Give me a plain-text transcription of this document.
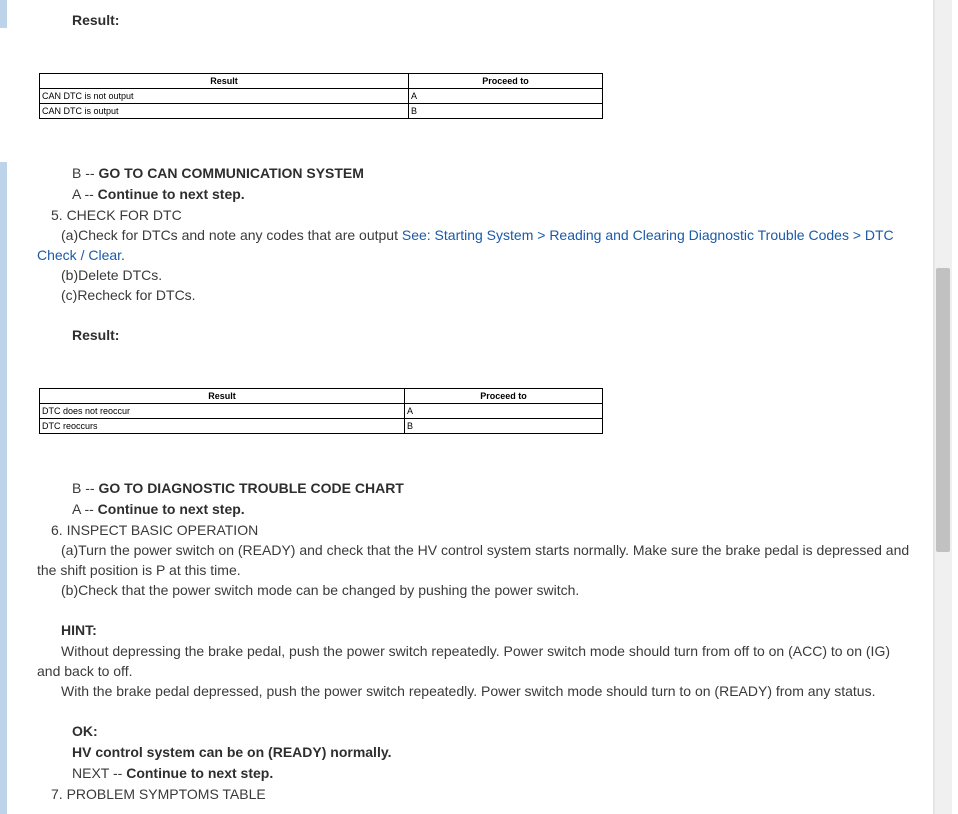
Result:
Result	Proceed to
CAN DTC is not output	A
CAN DTC is output	B
B -- GO TO CAN COMMUNICATION SYSTEM
A -- Continue to next step.
5. CHECK FOR DTC
(a)Check for DTCs and note any codes that are output See: Starting System > Reading and Clearing Diagnostic Trouble Codes > DTC Check / Clear.
(b)Delete DTCs.
(c)Recheck for DTCs.
Result:
Result	Proceed to
DTC does not reoccur	A
DTC reoccurs	B
B -- GO TO DIAGNOSTIC TROUBLE CODE CHART
A -- Continue to next step.
6. INSPECT BASIC OPERATION
(a)Turn the power switch on (READY) and check that the HV control system starts normally. Make sure the brake pedal is depressed and the shift position is P at this time.
(b)Check that the power switch mode can be changed by pushing the power switch.
HINT:
Without depressing the brake pedal, push the power switch repeatedly. Power switch mode should turn from off to on (ACC) to on (IG) and back to off.
With the brake pedal depressed, push the power switch repeatedly. Power switch mode should turn to on (READY) from any status.
OK:
HV control system can be on (READY) normally.
NEXT -- Continue to next step.
7. PROBLEM SYMPTOMS TABLE
